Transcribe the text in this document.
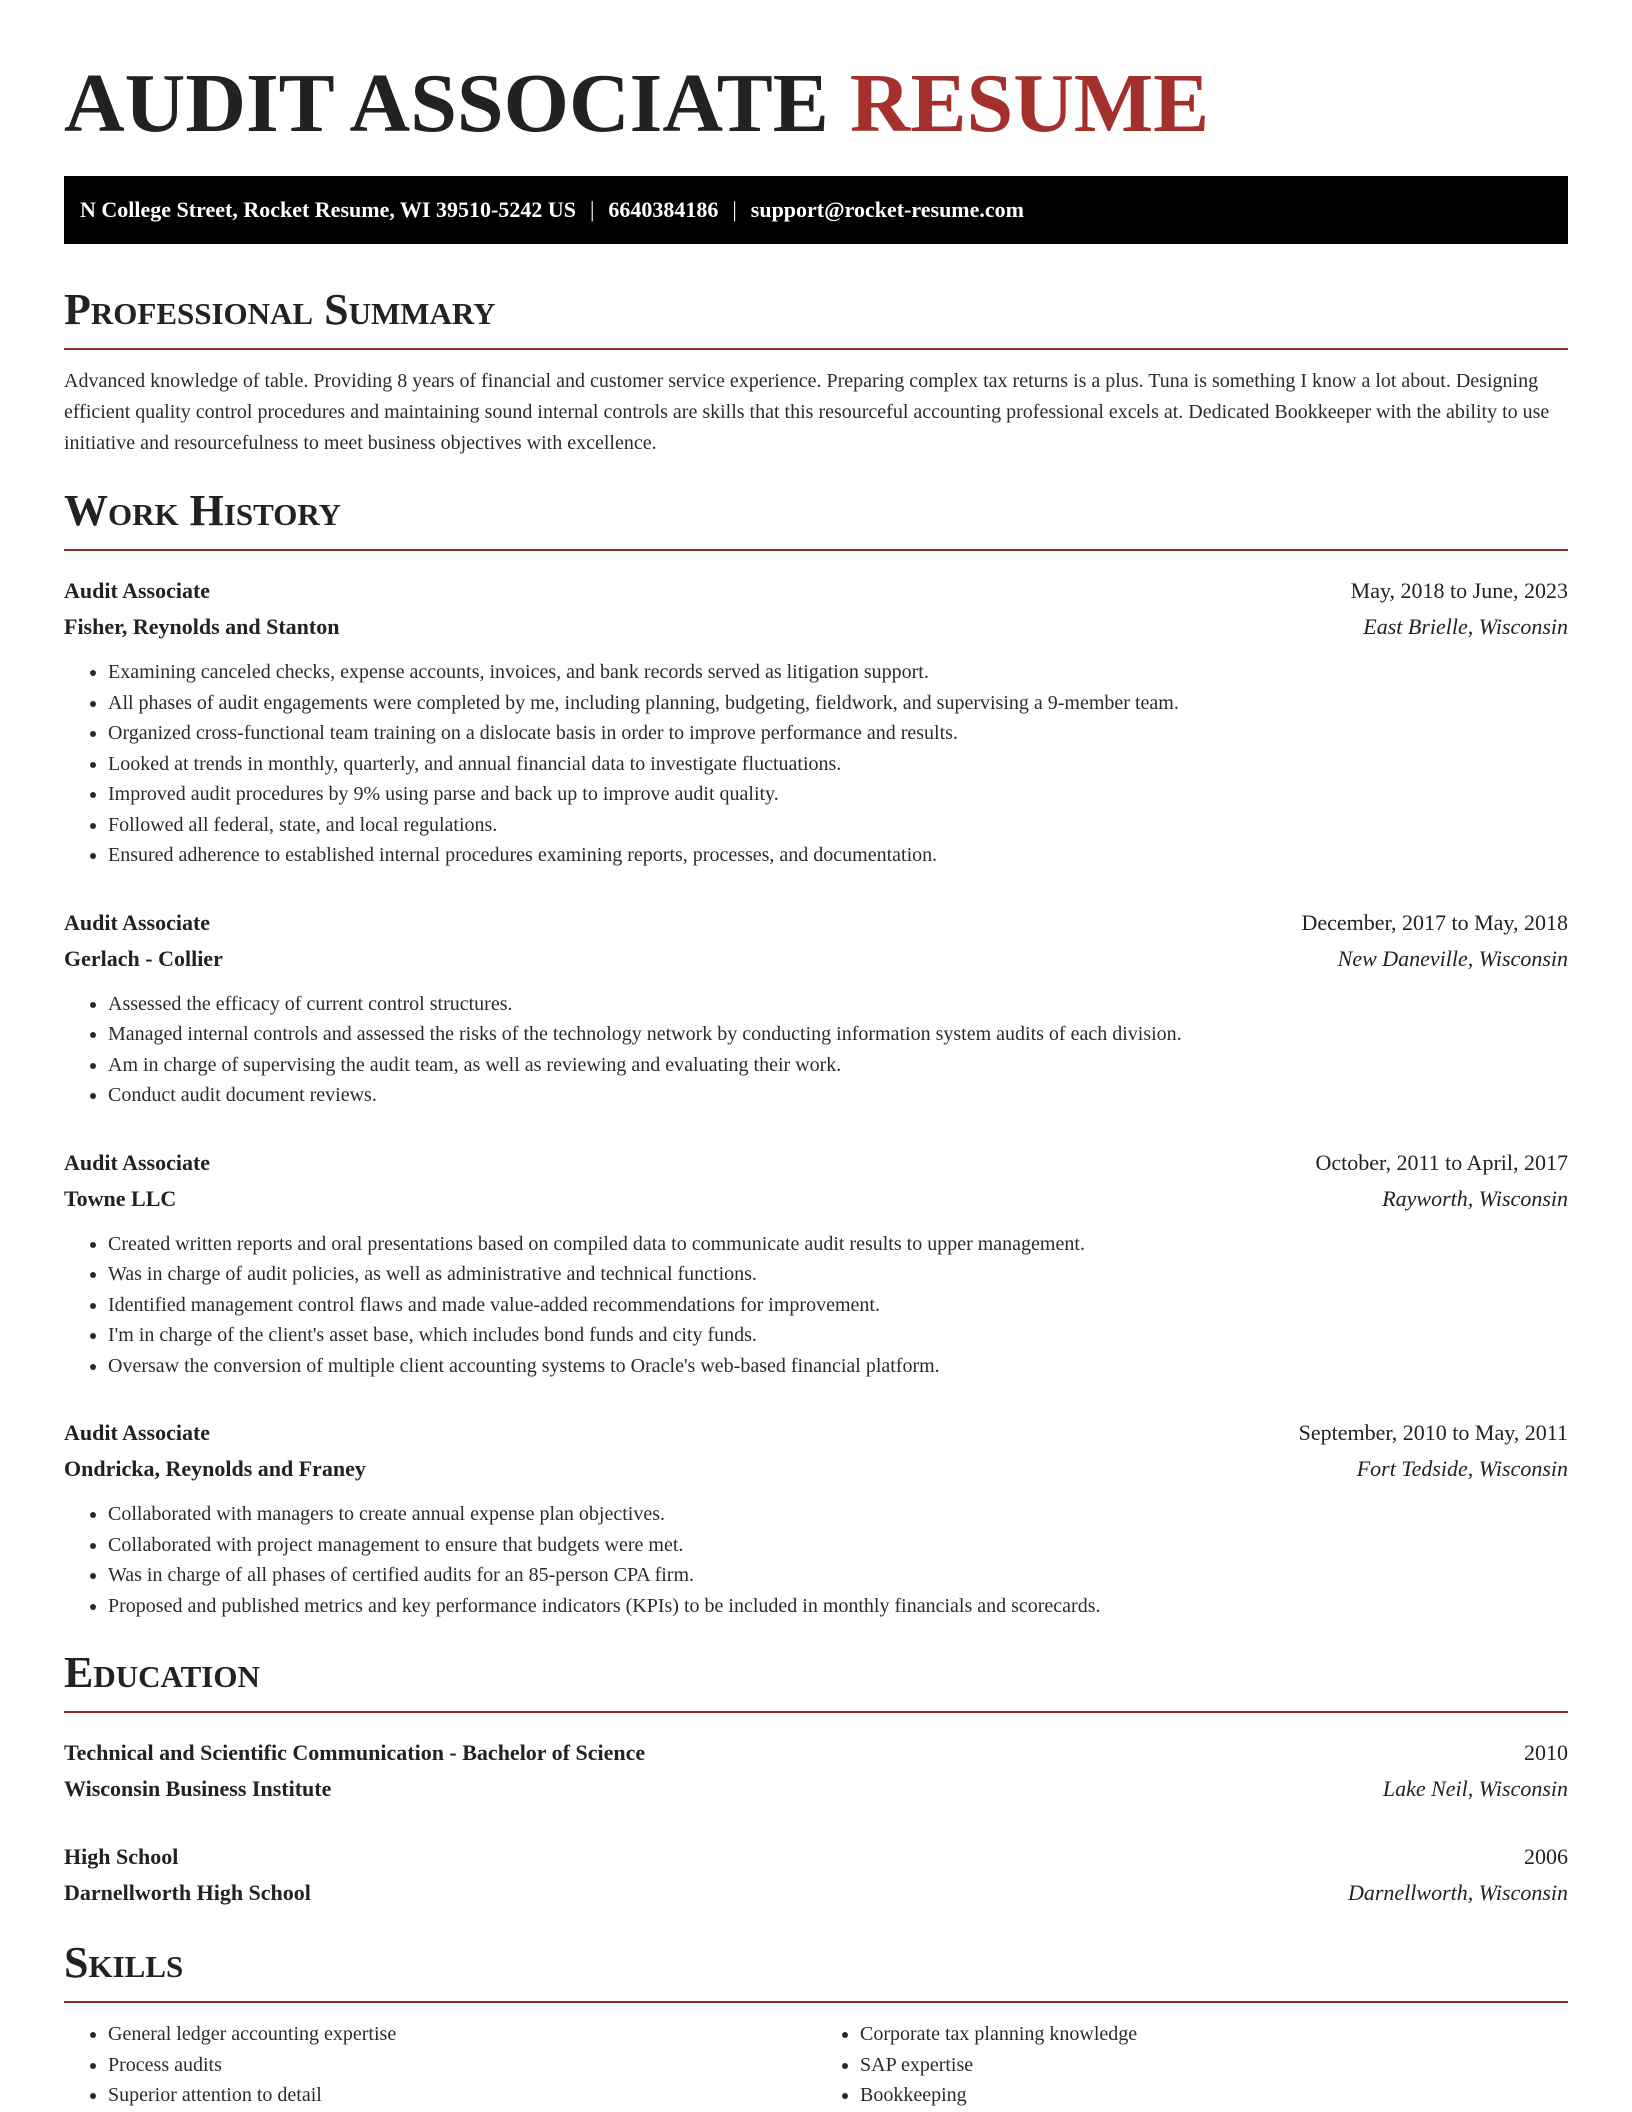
AUDIT ASSOCIATE RESUME
N College Street, Rocket Resume, WI 39510-5242 US | 6640384186 | support@rocket-resume.com
Professional Summary

Advanced knowledge of table. Providing 8 years of financial and customer service experience. Preparing complex tax returns is a plus. Tuna is something I know a lot about. Designing efficient quality control procedures and maintaining sound internal controls are skills that this resourceful accounting professional excels at. Dedicated Bookkeeper with the ability to use initiative and resourcefulness to meet business objectives with excellence.

Work History
Audit Associate	May, 2018 to June, 2023
Fisher, Reynolds and Stanton	East Brielle, Wisconsin
• Examining canceled checks, expense accounts, invoices, and bank records served as litigation support.
• All phases of audit engagements were completed by me, including planning, budgeting, fieldwork, and supervising a 9-member team.
• Organized cross-functional team training on a dislocate basis in order to improve performance and results.
• Looked at trends in monthly, quarterly, and annual financial data to investigate fluctuations.
• Improved audit procedures by 9% using parse and back up to improve audit quality.
• Followed all federal, state, and local regulations.
• Ensured adherence to established internal procedures examining reports, processes, and documentation.
Audit Associate	December, 2017 to May, 2018
Gerlach - Collier	New Daneville, Wisconsin
• Assessed the efficacy of current control structures.
• Managed internal controls and assessed the risks of the technology network by conducting information system audits of each division.
• Am in charge of supervising the audit team, as well as reviewing and evaluating their work.
• Conduct audit document reviews.
Audit Associate	October, 2011 to April, 2017
Towne LLC	Rayworth, Wisconsin
• Created written reports and oral presentations based on compiled data to communicate audit results to upper management.
• Was in charge of audit policies, as well as administrative and technical functions.
• Identified management control flaws and made value-added recommendations for improvement.
• I'm in charge of the client's asset base, which includes bond funds and city funds.
• Oversaw the conversion of multiple client accounting systems to Oracle's web-based financial platform.
Audit Associate	September, 2010 to May, 2011
Ondricka, Reynolds and Franey	Fort Tedside, Wisconsin
• Collaborated with managers to create annual expense plan objectives.
• Collaborated with project management to ensure that budgets were met.
• Was in charge of all phases of certified audits for an 85-person CPA firm.
• Proposed and published metrics and key performance indicators (KPIs) to be included in monthly financials and scorecards.
Education
Technical and Scientific Communication - Bachelor of Science	2010
Wisconsin Business Institute	Lake Neil, Wisconsin
High School	2006
Darnellworth High School	Darnellworth, Wisconsin
Skills
• General ledger accounting expertise
• Process audits
• Superior attention to detail
• Corporate tax planning knowledge
• SAP expertise
• Bookkeeping
